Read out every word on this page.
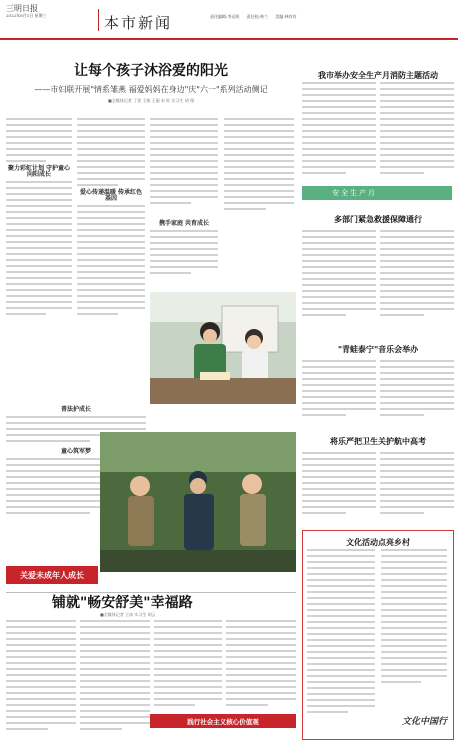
三明日报
2022年6月1日 星期三	本市新闻	责任编辑:李运明 责任校:林兰 美编:林有有
让每个孩子沐浴爱的阳光
——市妇联开展"情系雏燕 福爱妈妈在身边"庆"六一"系列活动侧记
■全媒体记者 丁雯 王敏 王丽 宋 旺 实习生 胡 翔
聚力彩虹计划 守护童心向阳成长
爱心传递温暖 传承红色基因
携手家庭 共育成长
普法护成长
童心筑军梦
关爱未成年人成长
铺就"畅安舒美"幸福路
■全媒体记者 王冰 实习生 胡云
践行社会主义核心价值观
我市举办安全生产月消防主题活动
安全生产月
多部门紧急救援保障通行
"青蛙泰宁"音乐会举办
将乐严把卫生关护航中高考
文化活动点亮乡村
文化中国行
